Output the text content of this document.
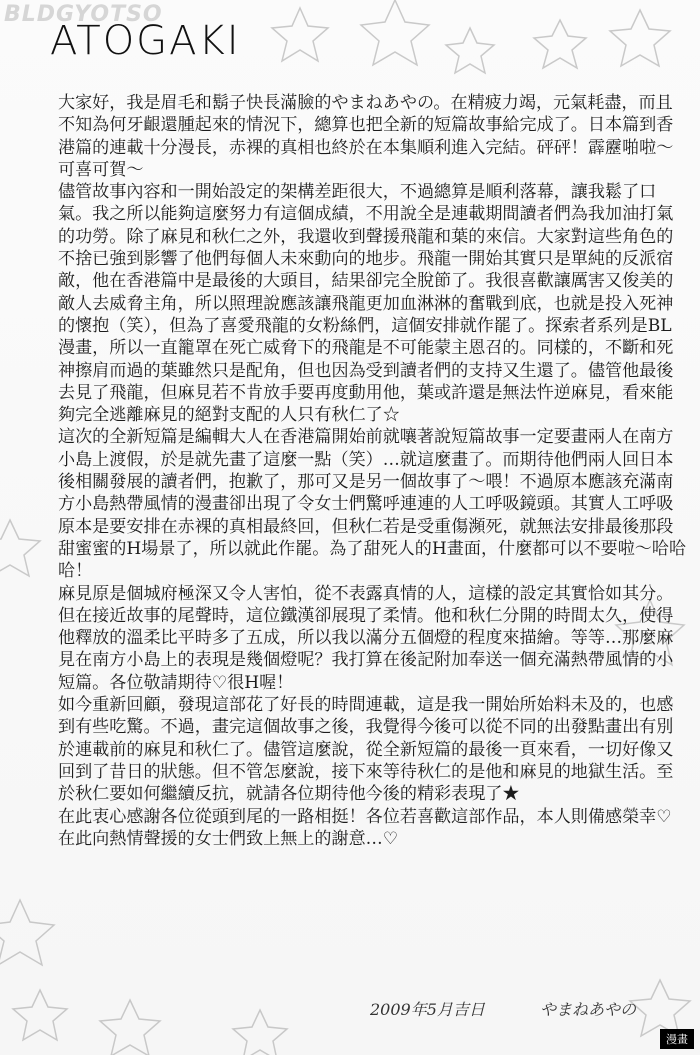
BLDGYOTSO
ATOGAKI

大家好，我是眉毛和鬍子快長滿臉的やまねあやの。在精疲力竭，元氣耗盡，而且不知為何牙齦還腫起來的情況下，總算也把全新的短篇故事給完成了。日本篇到香港篇的連載十分漫長，赤裸的真相也終於在本集順利進入完結。砰砰！霹靂啪啦～可喜可賀～

儘管故事內容和一開始設定的架構差距很大，不過總算是順利落幕，讓我鬆了口氣。我之所以能夠這麼努力有這個成績，不用說全是連載期間讀者們為我加油打氣的功勞。除了麻見和秋仁之外，我還收到聲援飛龍和葉的來信。大家對這些角色的不捨已強到影響了他們每個人未來動向的地步。飛龍一開始其實只是單純的反派宿敵，他在香港篇中是最後的大頭目，結果卻完全脫節了。我很喜歡讓厲害又俊美的敵人去威脅主角，所以照理說應該讓飛龍更加血淋淋的奮戰到底，也就是投入死神的懷抱（笑），但為了喜愛飛龍的女粉絲們，這個安排就作罷了。探索者系列是BL漫畫，所以一直籠罩在死亡威脅下的飛龍是不可能蒙主恩召的。同樣的，不斷和死神擦肩而過的葉雖然只是配角，但也因為受到讀者們的支持又生還了。儘管他最後去見了飛龍，但麻見若不肯放手要再度動用他，葉或許還是無法忤逆麻見，看來能夠完全逃離麻見的絕對支配的人只有秋仁了☆

這次的全新短篇是編輯大人在香港篇開始前就嚷著說短篇故事一定要畫兩人在南方小島上渡假，於是就先畫了這麼一點（笑）…就這麼畫了。而期待他們兩人回日本後相關發展的讀者們，抱歉了，那可又是另一個故事了～喂！不過原本應該充滿南方小島熱帶風情的漫畫卻出現了令女士們驚呼連連的人工呼吸鏡頭。其實人工呼吸原本是要安排在赤裸的真相最終回，但秋仁若是受重傷瀕死，就無法安排最後那段甜蜜蜜的H場景了，所以就此作罷。為了甜死人的H畫面，什麼都可以不要啦～哈哈哈！

麻見原是個城府極深又令人害怕，從不表露真情的人，這樣的設定其實恰如其分。但在接近故事的尾聲時，這位鐵漢卻展現了柔情。他和秋仁分開的時間太久，使得他釋放的溫柔比平時多了五成，所以我以滿分五個燈的程度來描繪。等等…那麼麻見在南方小島上的表現是幾個燈呢？我打算在後記附加奉送一個充滿熱帶風情的小短篇。各位敬請期待♡很H喔！

如今重新回顧，發現這部花了好長的時間連載，這是我一開始所始料未及的，也感到有些吃驚。不過，畫完這個故事之後，我覺得今後可以從不同的出發點畫出有別於連載前的麻見和秋仁了。儘管這麼說，從全新短篇的最後一頁來看，一切好像又回到了昔日的狀態。但不管怎麼說，接下來等待秋仁的是他和麻見的地獄生活。至於秋仁要如何繼續反抗，就請各位期待他今後的精彩表現了★

在此衷心感謝各位從頭到尾的一路相挺！各位若喜歡這部作品，本人則備感榮幸♡在此向熱情聲援的女士們致上無上的謝意…♡

2009年5月吉日	やまねあやの
漫畫
